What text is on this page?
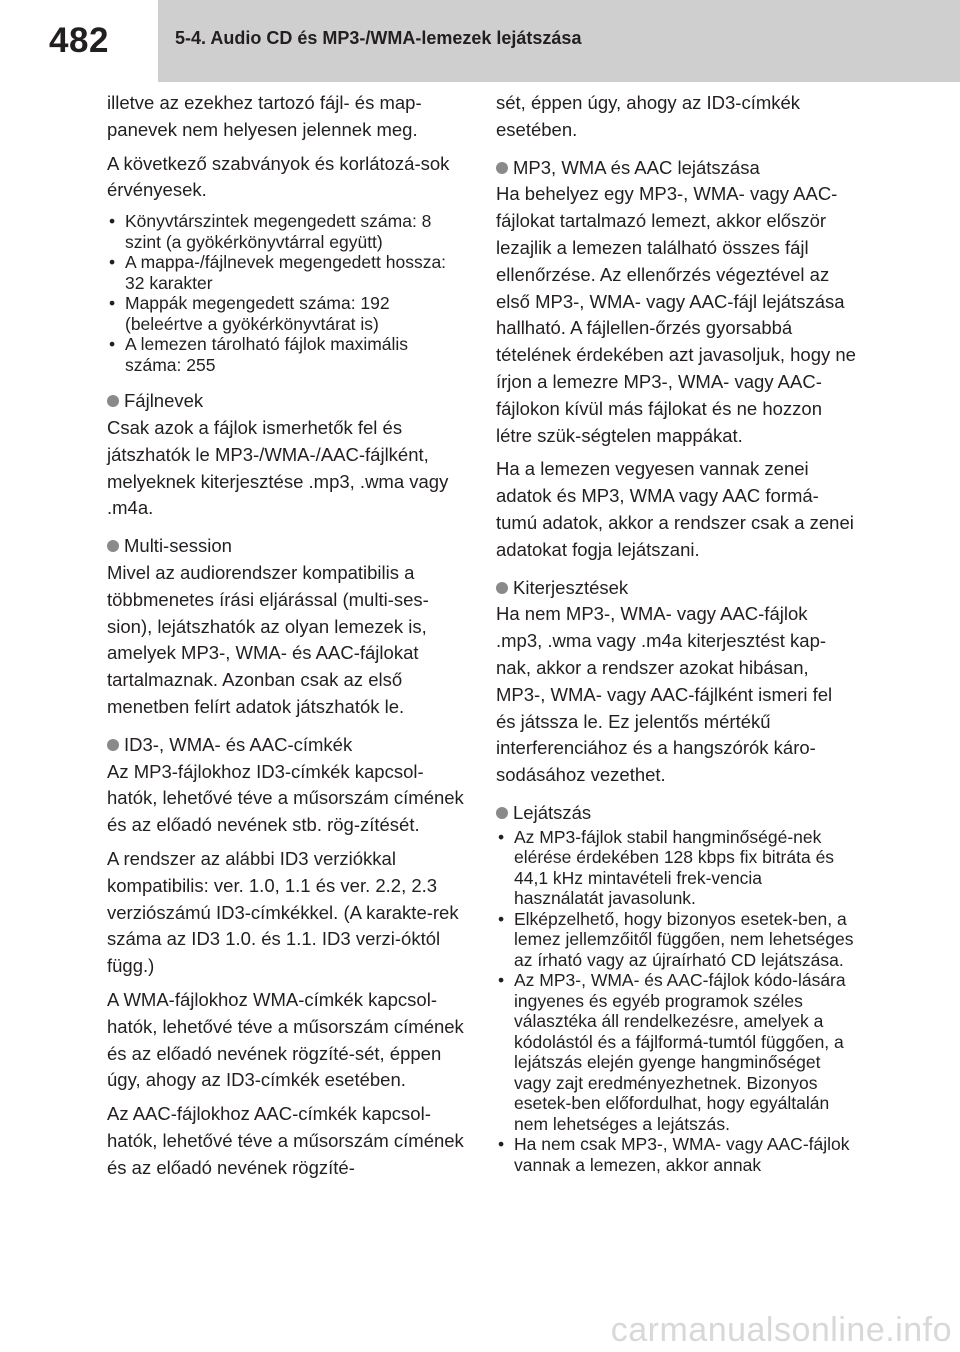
482	5-4. Audio CD és MP3-/WMA-lemezek lejátszása

illetve az ezekhez tartozó fájl- és map-panevek nem helyesen jelennek meg.

A következő szabványok és korlátozá-sok érvényesek.

• Könyvtárszintek megengedett száma: 8 szint (a gyökérkönyvtárral együtt)
• A mappa-/fájlnevek megengedett hossza: 32 karakter
• Mappák megengedett száma: 192 (beleértve a gyökérkönyvtárat is)
• A lemezen tárolható fájlok maximális száma: 255
Fájlnevek

Csak azok a fájlok ismerhetők fel és játszhatók le MP3-/WMA-/AAC-fájlként, melyeknek kiterjesztése .mp3, .wma vagy .m4a.

Multi-session

Mivel az audiorendszer kompatibilis a többmenetes írási eljárással (multi-ses-sion), lejátszhatók az olyan lemezek is, amelyek MP3-, WMA- és AAC-fájlokat tartalmaznak. Azonban csak az első menetben felírt adatok játszhatók le.

ID3-, WMA- és AAC-címkék

Az MP3-fájlokhoz ID3-címkék kapcsol-hatók, lehetővé téve a műsorszám címének és az előadó nevének stb. rög-zítését.

A rendszer az alábbi ID3 verziókkal kompatibilis: ver. 1.0, 1.1 és ver. 2.2, 2.3 verziószámú ID3-címkékkel. (A karakte-rek száma az ID3 1.0. és 1.1. ID3 verzi-óktól függ.)

A WMA-fájlokhoz WMA-címkék kapcsol-hatók, lehetővé téve a műsorszám címének és az előadó nevének rögzíté-sét, éppen úgy, ahogy az ID3-címkék esetében.

Az AAC-fájlokhoz AAC-címkék kapcsol-hatók, lehetővé téve a műsorszám címének és az előadó nevének rögzíté-

sét, éppen úgy, ahogy az ID3-címkék esetében.

MP3, WMA és AAC lejátszása

Ha behelyez egy MP3-, WMA- vagy AAC-fájlokat tartalmazó lemezt, akkor először lezajlik a lemezen található összes fájl ellenőrzése. Az ellenőrzés végeztével az első MP3-, WMA- vagy AAC-fájl lejátszása hallható. A fájlellen-őrzés gyorsabbá tételének érdekében azt javasoljuk, hogy ne írjon a lemezre MP3-, WMA- vagy AAC-fájlokon kívül más fájlokat és ne hozzon létre szük-ségtelen mappákat.

Ha a lemezen vegyesen vannak zenei adatok és MP3, WMA vagy AAC formá-tumú adatok, akkor a rendszer csak a zenei adatokat fogja lejátszani.

Kiterjesztések

Ha nem MP3-, WMA- vagy AAC-fájlok .mp3, .wma vagy .m4a kiterjesztést kap-nak, akkor a rendszer azokat hibásan, MP3-, WMA- vagy AAC-fájlként ismeri fel és játssza le. Ez jelentős mértékű interferenciához és a hangszórók káro-sodásához vezethet.

Lejátszás
• Az MP3-fájlok stabil hangminőségé-nek elérése érdekében 128 kbps fix bitráta és 44,1 kHz mintavételi frek-vencia használatát javasolunk.
• Elképzelhető, hogy bizonyos esetek-ben, a lemez jellemzőitől függően, nem lehetséges az írható vagy az újraírható CD lejátszása.
• Az MP3-, WMA- és AAC-fájlok kódo-lására ingyenes és egyéb programok széles választéka áll rendelkezésre, amelyek a kódolástól és a fájlformá-tumtól függően, a lejátszás elején gyenge hangminőséget vagy zajt eredményezhetnek. Bizonyos esetek-ben előfordulhat, hogy egyáltalán nem lehetséges a lejátszás.
• Ha nem csak MP3-, WMA- vagy AAC-fájlok vannak a lemezen, akkor annak
carmanualsonline.info
